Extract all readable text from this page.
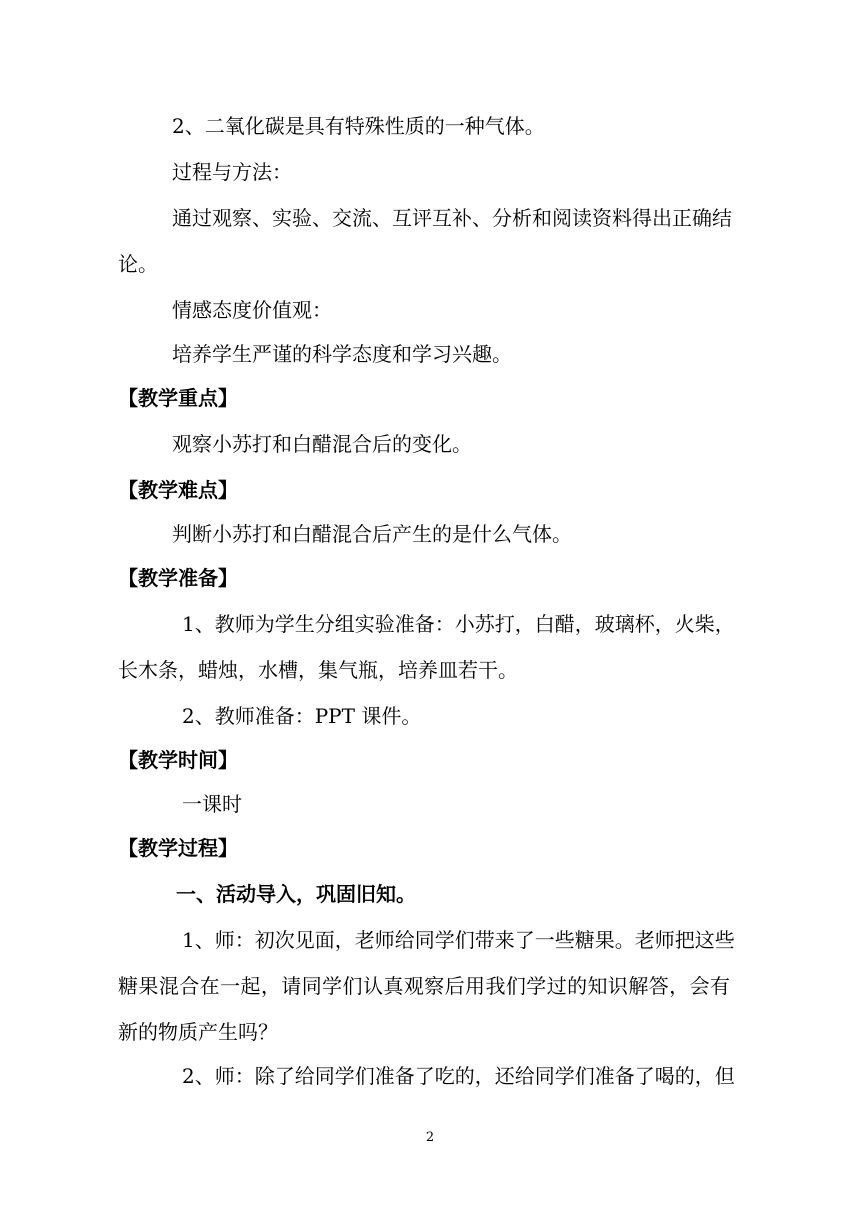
2、二氧化碳是具有特殊性质的一种气体。
过程与方法：
通过观察、实验、交流、互评互补、分析和阅读资料得出正确结
论。
情感态度价值观：
培养学生严谨的科学态度和学习兴趣。
【教学重点】
观察小苏打和白醋混合后的变化。
【教学难点】
判断小苏打和白醋混合后产生的是什么气体。
【教学准备】
1、教师为学生分组实验准备：小苏打，白醋，玻璃杯，火柴，
长木条，蜡烛，水槽，集气瓶，培养皿若干。
2、教师准备：PPT 课件。
【教学时间】
一课时
【教学过程】
一、活动导入，巩固旧知。
1、师：初次见面，老师给同学们带来了一些糖果。老师把这些
糖果混合在一起，请同学们认真观察后用我们学过的知识解答，会有
新的物质产生吗？
2、师：除了给同学们准备了吃的，还给同学们准备了喝的，但
2
